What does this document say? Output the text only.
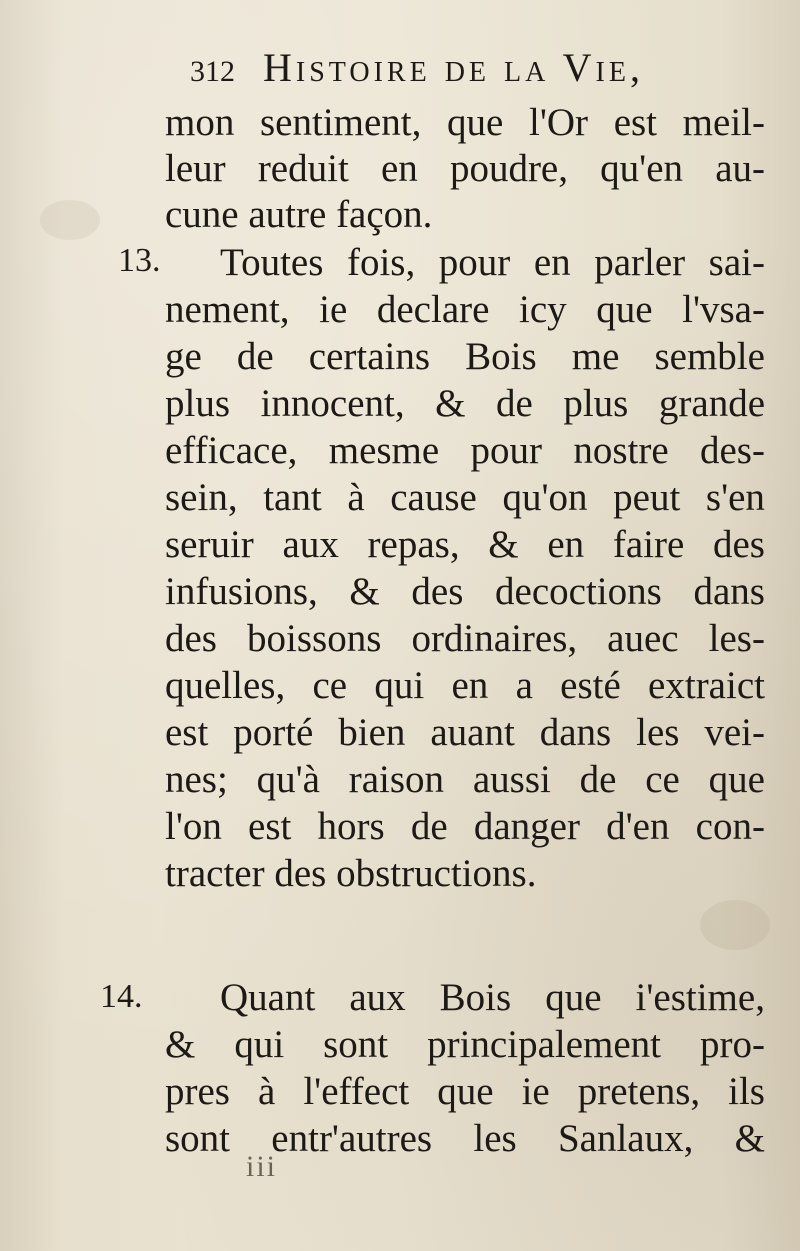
312 Histoire de la Vie,
13.
14.
mon sentiment, que l'Or est meil-
leur reduit en poudre, qu'en au-
cune autre façon.
Toutes fois, pour en parler sai-
nement, ie declare icy que l'vsa-
ge de certains Bois me semble
plus innocent, & de plus grande
efficace, mesme pour nostre des-
sein, tant à cause qu'on peut s'en
seruir aux repas, & en faire des
infusions, & des decoctions dans
des boissons ordinaires, auec les-
quelles, ce qui en a esté extraict
est porté bien auant dans les vei-
nes; qu'à raison aussi de ce que
l'on est hors de danger d'en con-
tracter des obstructions.
Quant aux Bois que i'estime,
& qui sont principalement pro-
pres à l'effect que ie pretens, ils
sont entr'autres les Sanlaux, &
iii
